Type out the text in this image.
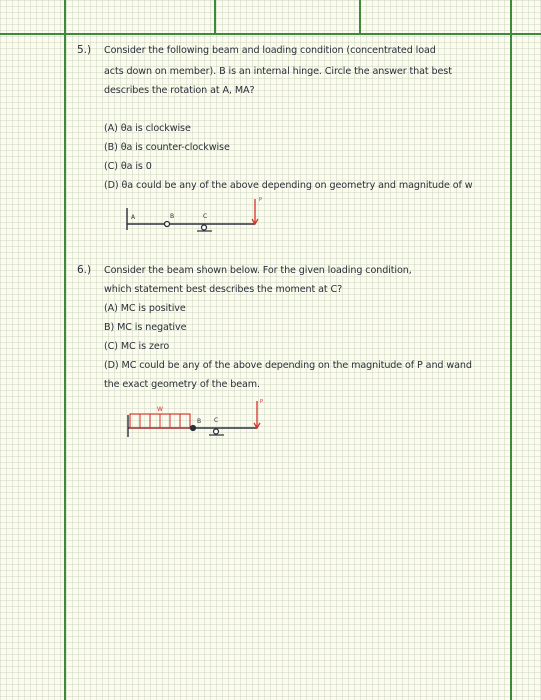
5.) Consider the following beam and loading condition (concentrated load
acts down on member). B is an internal hinge. Circle the answer that best
describes the rotation at A, MA?
(A) θa is clockwise
(B) θa is counter-clockwise
(C) θa is 0
(D) θa could be any of the above depending on geometry and magnitude of w
A	B	C
P
6.) Consider the beam shown below. For the given loading condition,
which statement best describes the moment at C?
(A) MC is positive
B) MC is negative
(C) MC is zero
(D) MC could be any of the above depending on the magnitude of P and wand
the exact geometry of the beam.
W
B C
P
